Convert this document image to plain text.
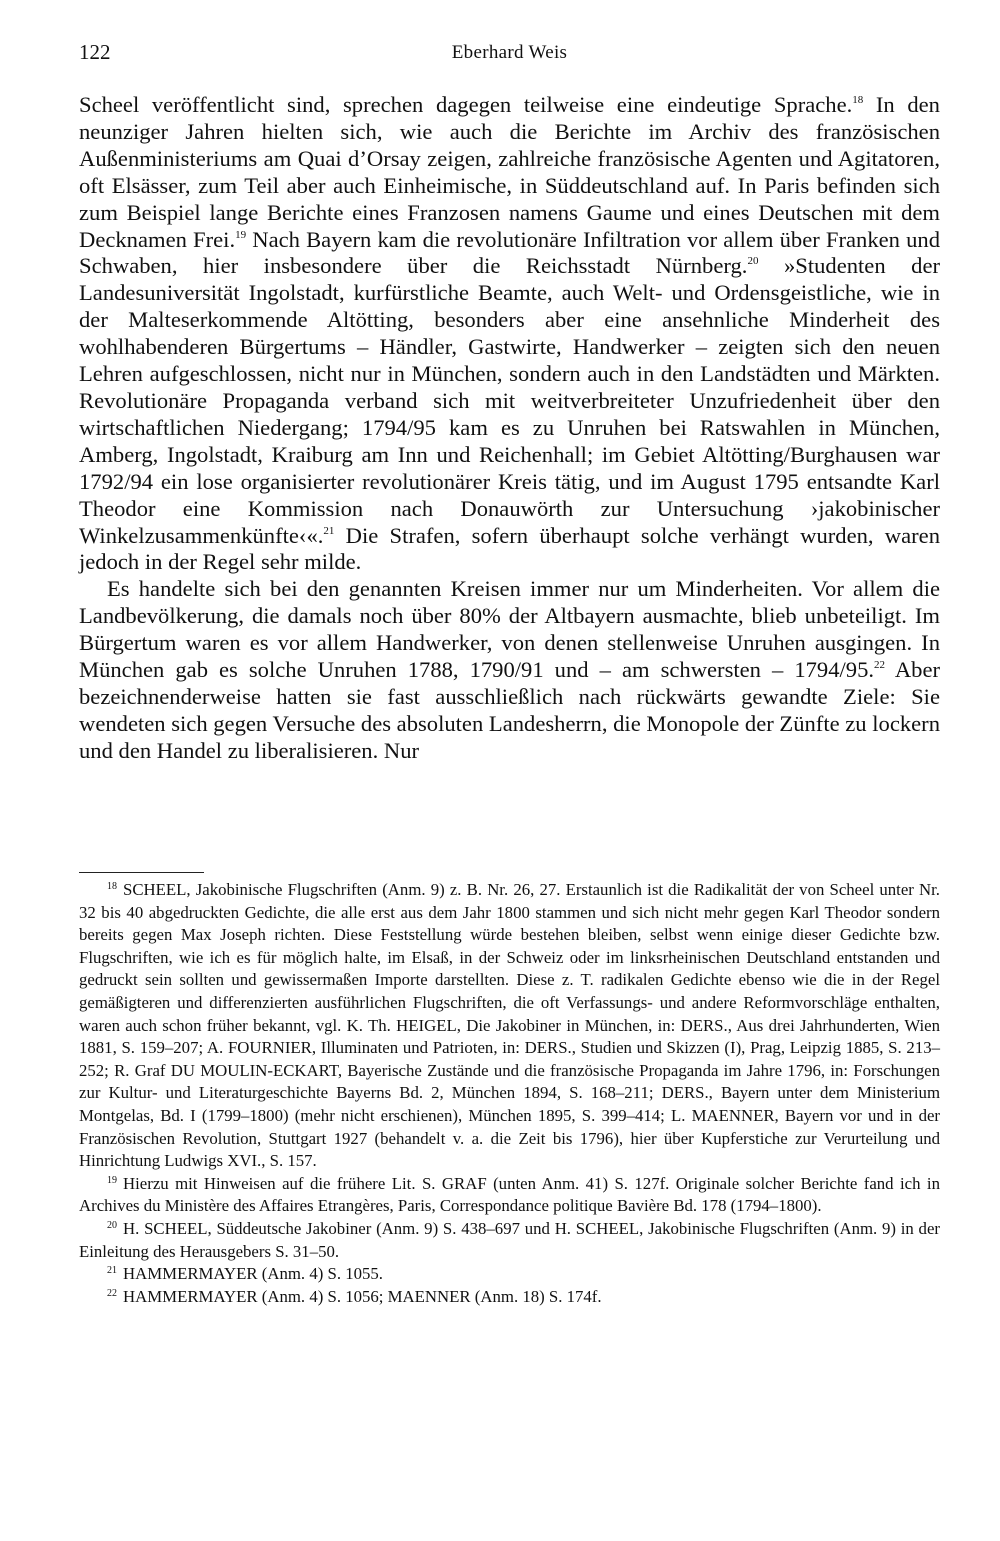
122	Eberhard Weis

Scheel veröffentlicht sind, sprechen dagegen teilweise eine eindeutige Sprache.$^{18}$ In den neunziger Jahren hielten sich, wie auch die Berichte im Archiv des französischen Außenministeriums am Quai d’Orsay zeigen, zahlreiche französische Agenten und Agitatoren, oft Elsässer, zum Teil aber auch Einheimische, in Süddeutschland auf. In Paris befinden sich zum Beispiel lange Berichte eines Franzosen namens Gaume und eines Deutschen mit dem Decknamen Frei.$^{19}$ Nach Bayern kam die revolutionäre Infiltration vor allem über Franken und Schwaben, hier insbesondere über die Reichsstadt Nürnberg.$^{20}$ »Studenten der Landesuniversität Ingolstadt, kurfürstliche Beamte, auch Welt- und Ordensgeistliche, wie in der Malteserkommende Altötting, besonders aber eine ansehnliche Minderheit des wohlhabenderen Bürgertums – Händler, Gastwirte, Handwerker – zeigten sich den neuen Lehren aufgeschlossen, nicht nur in München, sondern auch in den Landstädten und Märkten. Revolutionäre Propaganda verband sich mit weitverbreiteter Unzufriedenheit über den wirtschaftlichen Niedergang; 1794/95 kam es zu Unruhen bei Ratswahlen in München, Amberg, Ingolstadt, Kraiburg am Inn und Reichenhall; im Gebiet Altötting/Burghausen war 1792/94 ein lose organisierter revolutionärer Kreis tätig, und im August 1795 entsandte Karl Theodor eine Kommission nach Donauwörth zur Untersuchung ›jakobinischer Winkelzusammenkünfte‹«.$^{21}$ Die Strafen, sofern überhaupt solche verhängt wurden, waren jedoch in der Regel sehr milde.

Es handelte sich bei den genannten Kreisen immer nur um Minderheiten. Vor allem die Landbevölkerung, die damals noch über 80% der Altbayern ausmachte, blieb unbeteiligt. Im Bürgertum waren es vor allem Handwerker, von denen stellenweise Unruhen ausgingen. In München gab es solche Unruhen 1788, 1790/91 und – am schwersten – 1794/95.22 Aber bezeichnenderweise hatten sie fast ausschließlich nach rückwärts gewandte Ziele: Sie wendeten sich gegen Versuche des absoluten Landesherrn, die Monopole der Zünfte zu lockern und den Handel zu liberalisieren. Nur

$^{18}$ SCHEEL, Jakobinische Flugschriften (Anm. 9) z. B. Nr. 26, 27. Erstaunlich ist die Radikalität der von Scheel unter Nr. 32 bis 40 abgedruckten Gedichte, die alle erst aus dem Jahr 1800 stammen und sich nicht mehr gegen Karl Theodor sondern bereits gegen Max Joseph richten. Diese Feststellung würde bestehen bleiben, selbst wenn einige dieser Gedichte bzw. Flugschriften, wie ich es für möglich halte, im Elsaß, in der Schweiz oder im linksrheinischen Deutschland entstanden und gedruckt sein sollten und gewissermaßen Importe darstellten. Diese z. T. radikalen Gedichte ebenso wie die in der Regel gemäßigteren und differenzierten ausführlichen Flugschriften, die oft Verfassungs- und andere Reformvorschläge enthalten, waren auch schon früher bekannt, vgl. K. Th. HEIGEL, Die Jakobiner in München, in: DERS., Aus drei Jahrhunderten, Wien 1881, S. 159–207; A. FOURNIER, Illuminaten und Patrioten, in: DERS., Studien und Skizzen (I), Prag, Leipzig 1885, S. 213–252; R. Graf DU MOULIN-ECKART, Bayerische Zustände und die französische Propaganda im Jahre 1796, in: Forschungen zur Kultur- und Literaturgeschichte Bayerns Bd. 2, München 1894, S. 168–211; DERS., Bayern unter dem Ministerium Montgelas, Bd. I (1799–1800) (mehr nicht erschienen), München 1895, S. 399–414; L. MAENNER, Bayern vor und in der Französischen Revolution, Stuttgart 1927 (behandelt v. a. die Zeit bis 1796), hier über Kupferstiche zur Verurteilung und Hinrichtung Ludwigs XVI., S. 157.

$^{19}$ Hierzu mit Hinweisen auf die frühere Lit. S. GRAF (unten Anm. 41) S. 127f. Originale solcher Berichte fand ich in Archives du Ministère des Affaires Etrangères, Paris, Correspondance politique Bavière Bd. 178 (1794–1800).

$^{20}$ H. SCHEEL, Süddeutsche Jakobiner (Anm. 9) S. 438–697 und H. SCHEEL, Jakobinische Flugschriften (Anm. 9) in der Einleitung des Herausgebers S. 31–50.

$^{21}$ HAMMERMAYER (Anm. 4) S. 1055.

$^{22}$ HAMMERMAYER (Anm. 4) S. 1056; MAENNER (Anm. 18) S. 174f.
